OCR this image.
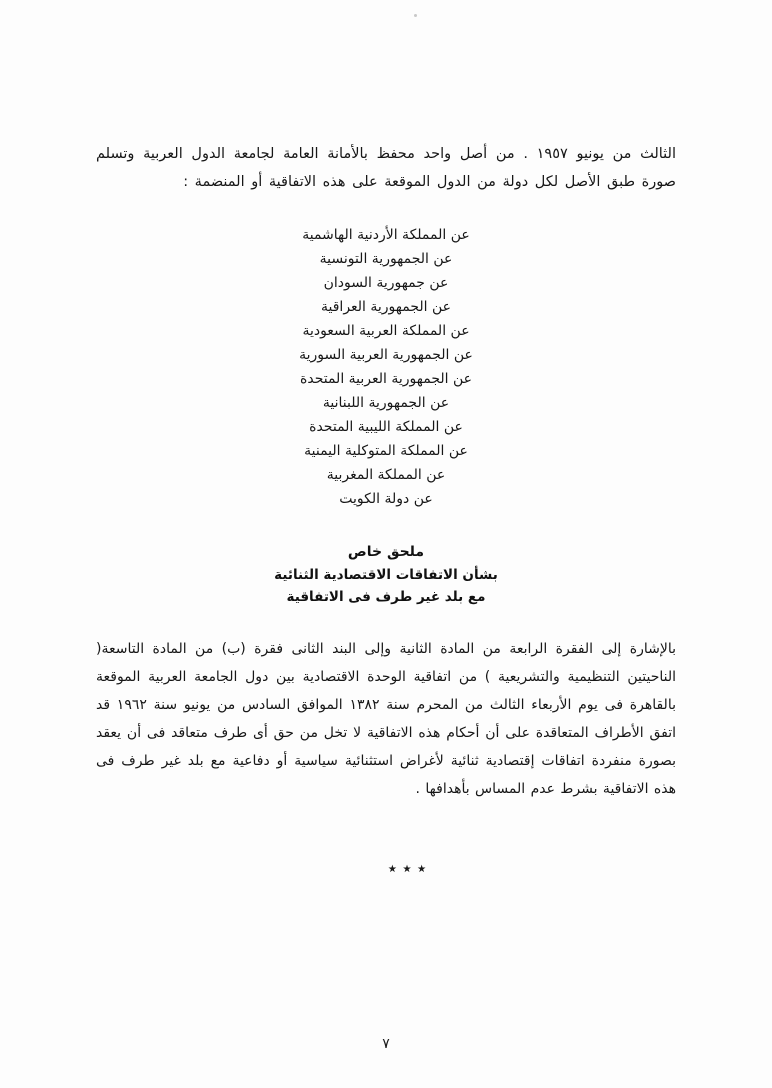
الثالث من يونيو ١٩٥٧ . من أصل واحد محفظ بالأمانة العامة لجامعة الدول العربية وتسلم صورة طبق الأصل لكل دولة من الدول الموقعة على هذه الاتفاقية أو المنضمة :

عن المملكة الأردنية الهاشمية
عن الجمهورية التونسية
عن جمهورية السودان
عن الجمهورية العراقية
عن المملكة العربية السعودية
عن الجمهورية العربية السورية
عن الجمهورية العربية المتحدة
عن الجمهورية اللبنانية
عن المملكة الليبية المتحدة
عن المملكة المتوكلية اليمنية
عن المملكة المغربية
عن دولة الكويت
ملحق خاص
بشأن الاتفاقات الاقتصادية الثنائية
مع بلد غير طرف فى الاتفاقية

بالإشارة إلى الفقرة الرابعة من المادة الثانية وإلى البند الثانى فقرة (ب) من المادة التاسعة( الناحيتين التنظيمية والتشريعية ) من اتفاقية الوحدة الاقتصادية بين دول الجامعة العربية الموقعة بالقاهرة فى يوم الأربعاء الثالث من المحرم سنة ١٣٨٢ الموافق السادس من يونيو سنة ١٩٦٢ قد اتفق الأطراف المتعاقدة على أن أحكام هذه الاتفاقية لا تخل من حق أى طرف متعاقد فى أن يعقد بصورة منفردة اتفاقات إقتصادية ثنائية لأغراض استثنائية سياسية أو دفاعية مع بلد غير طرف فى هذه الاتفاقية بشرط عدم المساس بأهدافها .

٭ ٭ ٭
٧
